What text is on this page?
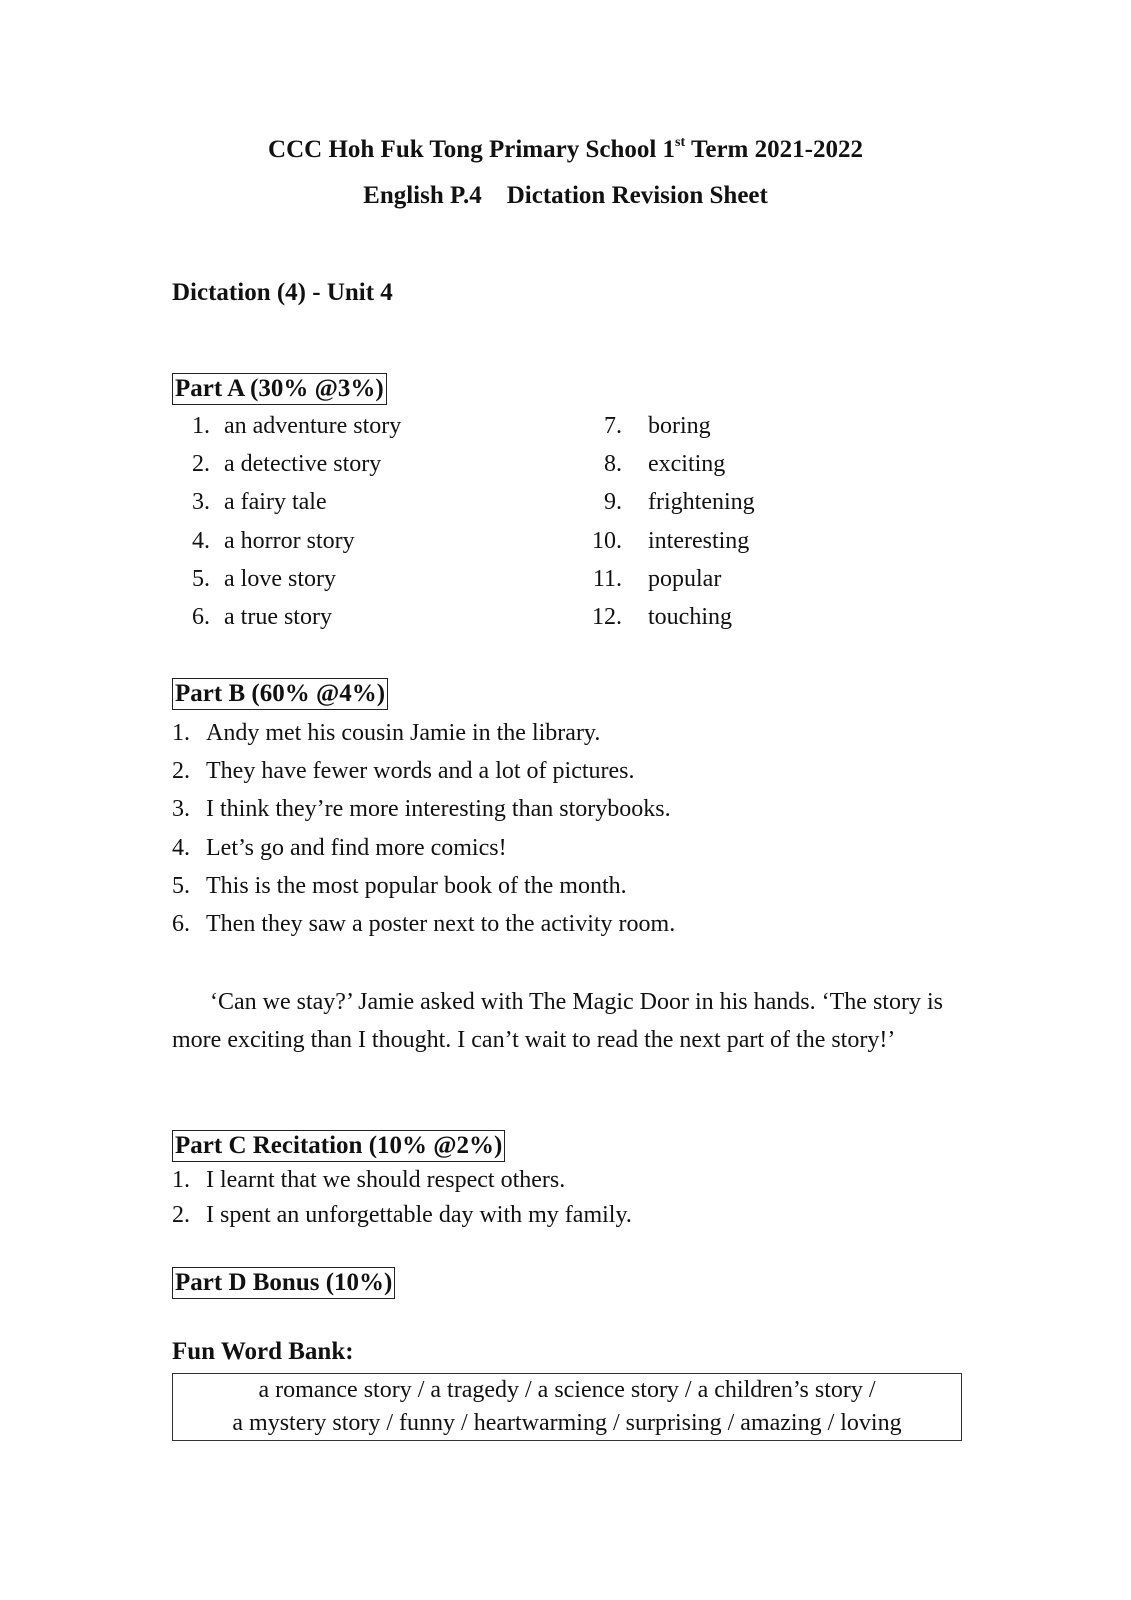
CCC Hoh Fuk Tong Primary School 1st Term 2021-2022
English P.4    Dictation Revision Sheet
Dictation (4) - Unit 4
Part A (30% @3%)
1. an adventure story
2. a detective story
3. a fairy tale
4. a horror story
5. a love story
6. a true story
7.	boring
8.	exciting
9.	frightening
10.	interesting
11.	popular
12.	touching
Part B (60% @4%)
1. Andy met his cousin Jamie in the library.
2. They have fewer words and a lot of pictures.
3. I think they’re more interesting than storybooks.
4. Let’s go and find more comics!
5. This is the most popular book of the month.
6. Then they saw a poster next to the activity room.
‘Can we stay?’ Jamie asked with The Magic Door in his hands. ‘The story is more exciting than I thought. I can’t wait to read the next part of the story!’
Part C Recitation (10% @2%)
1. I learnt that we should respect others.
2. I spent an unforgettable day with my family.
Part D Bonus (10%)
Fun Word Bank:
a romance story / a tragedy / a science story / a children’s story /
a mystery story / funny / heartwarming / surprising / amazing / loving
